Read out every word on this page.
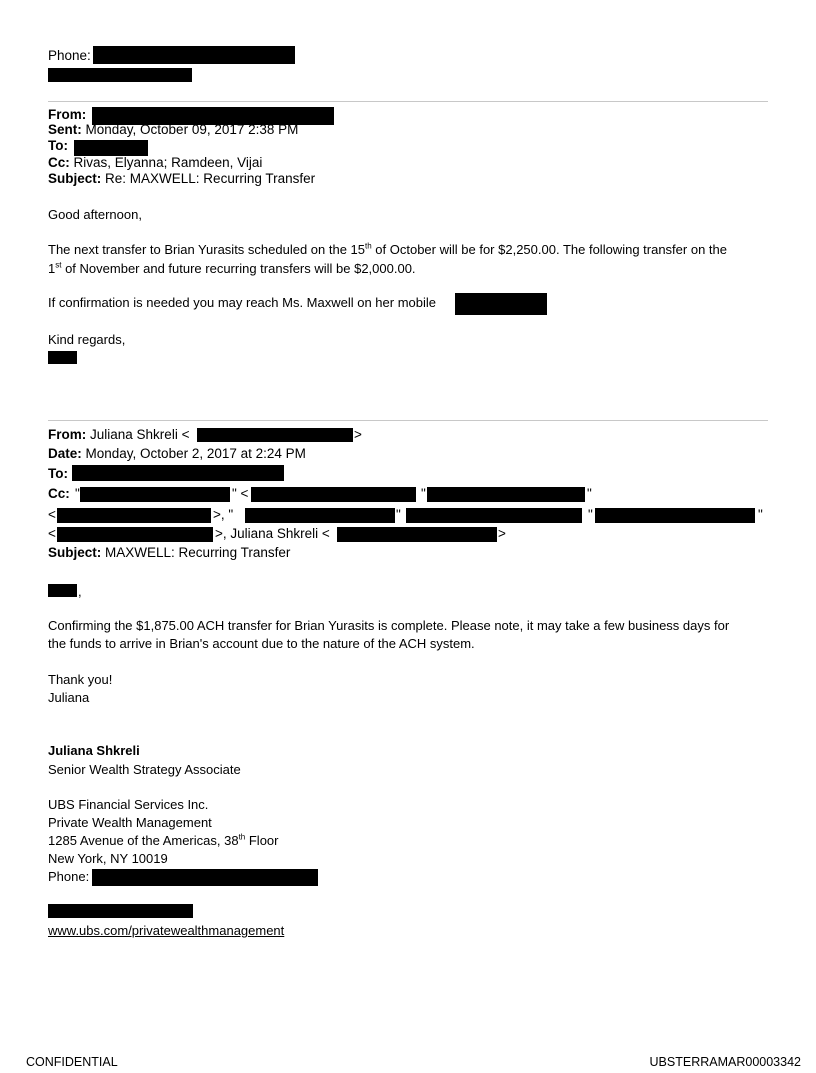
Phone:
From:
Sent: Monday, October 09, 2017 2:38 PM
To:
Cc: Rivas, Elyanna; Ramdeen, Vijai
Subject: Re: MAXWELL: Recurring Transfer
Good afternoon,
The next transfer to Brian Yurasits scheduled on the 15th of October will be for $2,250.00. The following transfer on the
1st of November and future recurring transfers will be $2,000.00.
If confirmation is needed you may reach Ms. Maxwell on her mobile
Kind regards,
From: Juliana Shkreli <	>
Date: Monday, October 2, 2017 at 2:24 PM
To:
Cc: "	" <	"	"
<	>, "	"	"	"
<	>, Juliana Shkreli <	>
Subject: MAXWELL: Recurring Transfer
,
Confirming the $1,875.00 ACH transfer for Brian Yurasits is complete. Please note, it may take a few business days for
the funds to arrive in Brian's account due to the nature of the ACH system.
Thank you!
Juliana
Juliana Shkreli
Senior Wealth Strategy Associate
UBS Financial Services Inc.
Private Wealth Management
1285 Avenue of the Americas, 38th Floor
New York, NY 10019
Phone:
www.ubs.com/privatewealthmanagement
CONFIDENTIAL	UBSTERRAMAR00003342
